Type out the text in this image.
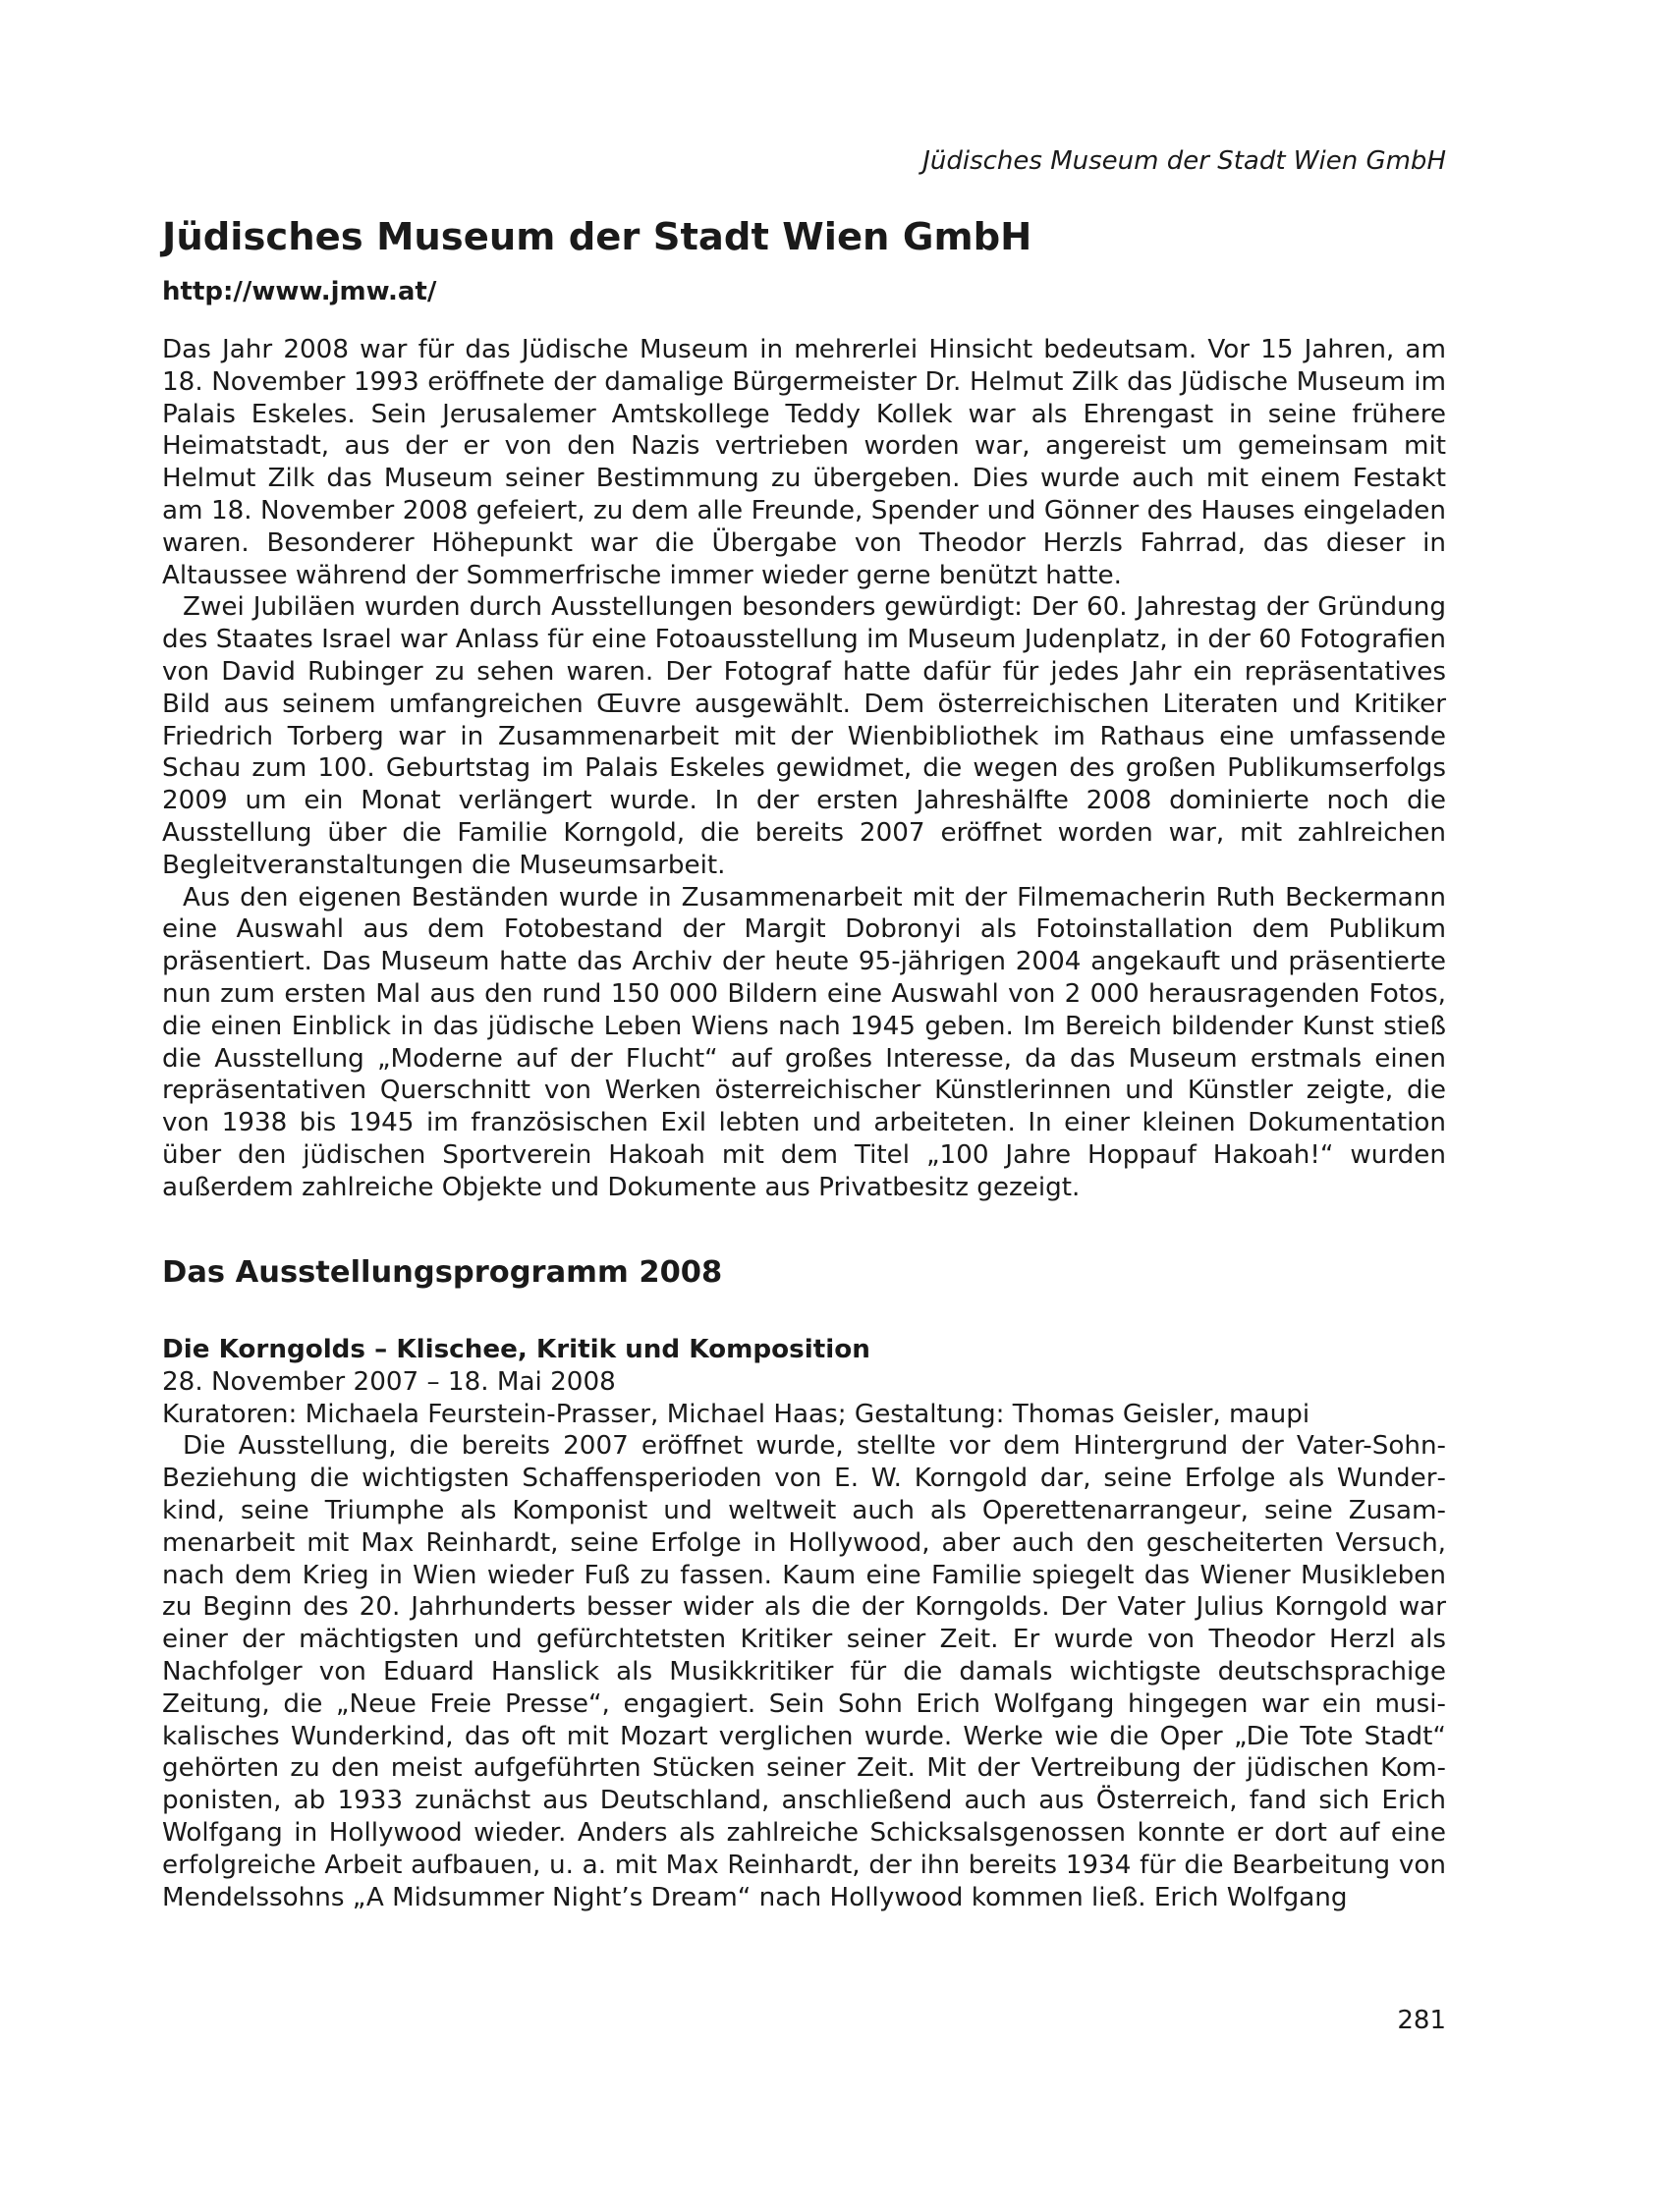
Jüdisches Museum der Stadt Wien GmbH
Jüdisches Museum der Stadt Wien GmbH
http://www.jmw.at/

Das Jahr 2008 war für das Jüdische Museum in mehrerlei Hinsicht bedeutsam. Vor 15 Jahren, am 18. November 1993 eröffnete der damalige Bürgermeister Dr. Helmut Zilk das Jüdische Museum im Palais Eskeles. Sein Jerusalemer Amtskollege Teddy Kollek war als Ehrengast in seine frühere Heimatstadt, aus der er von den Nazis vertrieben worden war, angereist um gemeinsam mit Helmut Zilk das Museum seiner Bestimmung zu übergeben. Dies wurde auch mit einem Festakt am 18. November 2008 gefeiert, zu dem alle Freunde, Spender und Gönner des Hauses eingeladen waren. Besonderer Höhepunkt war die Übergabe von Theodor Herzls Fahrrad, das dieser in Altaussee während der Sommerfrische immer wieder gerne benützt hatte.

Zwei Jubiläen wurden durch Ausstellungen besonders gewürdigt: Der 60. Jahrestag der Gründung des Staates Israel war Anlass für eine Fotoausstellung im Museum Judenplatz, in der 60 Fotografien von David Rubinger zu sehen waren. Der Fotograf hatte dafür für jedes Jahr ein repräsentatives Bild aus seinem umfangreichen Œuvre ausgewählt. Dem österreichischen Literaten und Kritiker Friedrich Torberg war in Zusammenarbeit mit der Wienbibliothek im Rathaus eine umfassende Schau zum 100. Geburtstag im Palais Eskeles gewidmet, die wegen des großen Publikumserfolgs 2009 um ein Monat verlängert wurde. In der ersten Jahreshälfte 2008 dominierte noch die Ausstellung über die Familie Korngold, die bereits 2007 eröffnet worden war, mit zahlreichen Begleitveranstaltungen die Museumsarbeit.

Aus den eigenen Beständen wurde in Zusammenarbeit mit der Filmemacherin Ruth Beckermann eine Auswahl aus dem Fotobestand der Margit Dobronyi als Fotoinstallation dem Publikum präsentiert. Das Museum hatte das Archiv der heute 95-jährigen 2004 angekauft und präsentierte nun zum ersten Mal aus den rund 150 000 Bildern eine Auswahl von 2 000 herausragenden Fotos, die einen Einblick in das jüdische Leben Wiens nach 1945 geben. Im Bereich bildender Kunst stieß die Ausstellung „Moderne auf der Flucht“ auf großes Interesse, da das Museum erstmals einen repräsentativen Querschnitt von Werken österreichischer Künstlerinnen und Künstler zeigte, die von 1938 bis 1945 im französischen Exil lebten und arbeiteten. In einer kleinen Dokumentation über den jüdischen Sportverein Hakoah mit dem Titel „100 Jahre Hoppauf Hakoah!“ wurden außerdem zahlreiche Objekte und Dokumente aus Privatbesitz gezeigt.

Das Ausstellungsprogramm 2008

Die Korngolds – Klischee, Kritik und Komposition

28. November 2007 – 18. Mai 2008

Kuratoren: Michaela Feurstein-Prasser, Michael Haas; Gestaltung: Thomas Geisler, maupi

Die Ausstellung, die bereits 2007 eröffnet wurde, stellte vor dem Hintergrund der Vater-Sohn-Beziehung die wichtigsten Schaffensperioden von E. W. Korngold dar, seine Erfolge als Wunderkind, seine Triumphe als Komponist und weltweit auch als Operettenarrangeur, seine Zusammenarbeit mit Max Reinhardt, seine Erfolge in Hollywood, aber auch den gescheiterten Versuch, nach dem Krieg in Wien wieder Fuß zu fassen. Kaum eine Familie spiegelt das Wiener Musikleben zu Beginn des 20. Jahrhunderts besser wider als die der Korngolds. Der Vater Julius Korngold war einer der mächtigsten und gefürchtetsten Kritiker seiner Zeit. Er wurde von Theodor Herzl als Nachfolger von Eduard Hanslick als Musikkritiker für die damals wichtigste deutschsprachige Zeitung, die „Neue Freie Presse“, engagiert. Sein Sohn Erich Wolfgang hingegen war ein musikalisches Wunderkind, das oft mit Mozart verglichen wurde. Werke wie die Oper „Die Tote Stadt“ gehörten zu den meist aufgeführten Stücken seiner Zeit. Mit der Vertreibung der jüdischen Komponisten, ab 1933 zunächst aus Deutschland, anschließend auch aus Österreich, fand sich Erich Wolfgang in Hollywood wieder. Anders als zahlreiche Schicksalsgenossen konnte er dort auf eine erfolgreiche Arbeit aufbauen, u. a. mit Max Reinhardt, der ihn bereits 1934 für die Bearbeitung von Mendelssohns „A Midsummer Night’s Dream“ nach Hollywood kommen ließ. Erich Wolfgang

281
